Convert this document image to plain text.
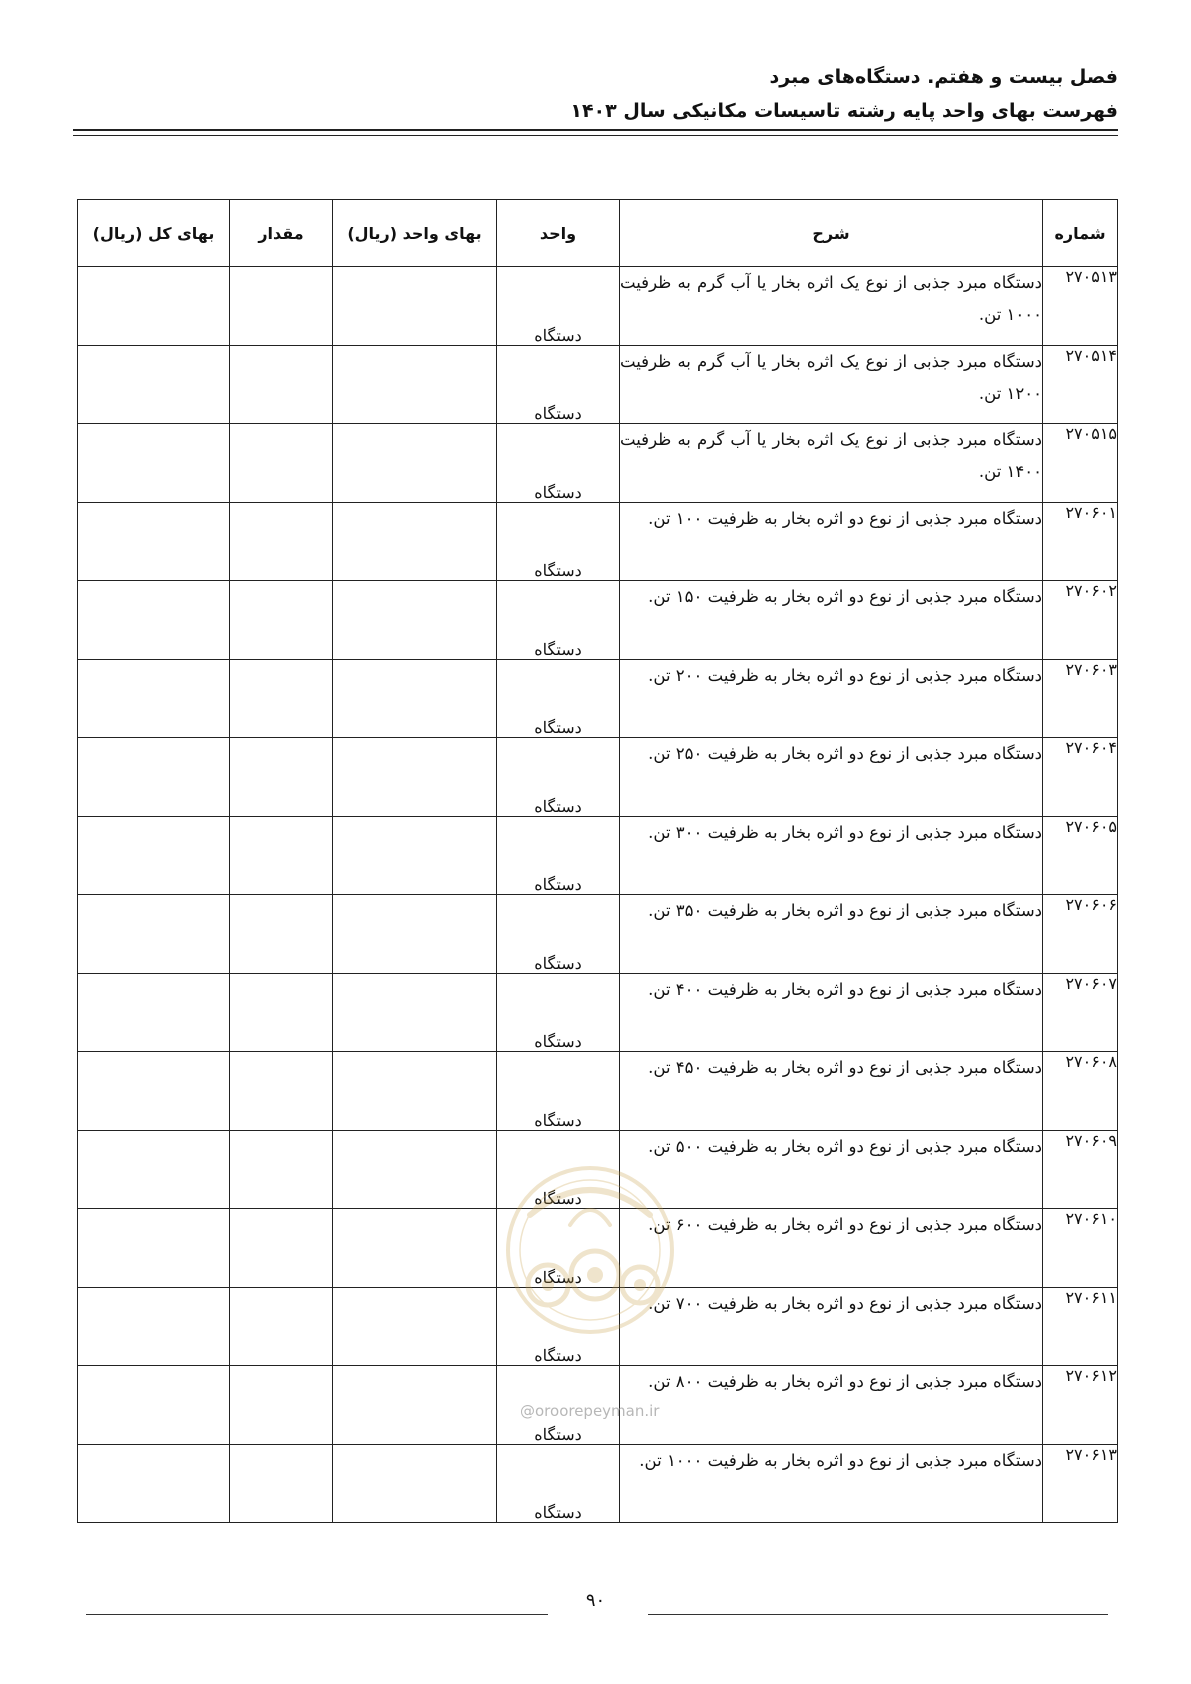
فصل بیست و هفتم. دستگاه‌های مبرد
فهرست بهای واحد پایه رشته تاسیسات مکانیکی سال ۱۴۰۳
شماره	شرح	واحد	بهای واحد (ریال)	مقدار	بهای کل (ریال)
۲۷۰۵۱۳	دستگاه مبرد جذبی از نوع یک اثره بخار یا آب گرم به ظرفیت ۱۰۰۰ تن.	دستگاه			
۲۷۰۵۱۴	دستگاه مبرد جذبی از نوع یک اثره بخار یا آب گرم به ظرفیت ۱۲۰۰ تن.	دستگاه			
۲۷۰۵۱۵	دستگاه مبرد جذبی از نوع یک اثره بخار یا آب گرم به ظرفیت ۱۴۰۰ تن.	دستگاه			
۲۷۰۶۰۱	دستگاه مبرد جذبی از نوع دو اثره بخار به ظرفیت ۱۰۰ تن.	دستگاه			
۲۷۰۶۰۲	دستگاه مبرد جذبی از نوع دو اثره بخار به ظرفیت ۱۵۰ تن.	دستگاه			
۲۷۰۶۰۳	دستگاه مبرد جذبی از نوع دو اثره بخار به ظرفیت ۲۰۰ تن.	دستگاه			
۲۷۰۶۰۴	دستگاه مبرد جذبی از نوع دو اثره بخار به ظرفیت ۲۵۰ تن.	دستگاه			
۲۷۰۶۰۵	دستگاه مبرد جذبی از نوع دو اثره بخار به ظرفیت ۳۰۰ تن.	دستگاه			
۲۷۰۶۰۶	دستگاه مبرد جذبی از نوع دو اثره بخار به ظرفیت ۳۵۰ تن.	دستگاه			
۲۷۰۶۰۷	دستگاه مبرد جذبی از نوع دو اثره بخار به ظرفیت ۴۰۰ تن.	دستگاه			
۲۷۰۶۰۸	دستگاه مبرد جذبی از نوع دو اثره بخار به ظرفیت ۴۵۰ تن.	دستگاه			
۲۷۰۶۰۹	دستگاه مبرد جذبی از نوع دو اثره بخار به ظرفیت ۵۰۰ تن.	دستگاه			
۲۷۰۶۱۰	دستگاه مبرد جذبی از نوع دو اثره بخار به ظرفیت ۶۰۰ تن.	دستگاه			
۲۷۰۶۱۱	دستگاه مبرد جذبی از نوع دو اثره بخار به ظرفیت ۷۰۰ تن.	دستگاه			
۲۷۰۶۱۲	دستگاه مبرد جذبی از نوع دو اثره بخار به ظرفیت ۸۰۰ تن.	دستگاه			
۲۷۰۶۱۳	دستگاه مبرد جذبی از نوع دو اثره بخار به ظرفیت ۱۰۰۰ تن.	دستگاه			
@oroorepeyman.ir
۹۰
